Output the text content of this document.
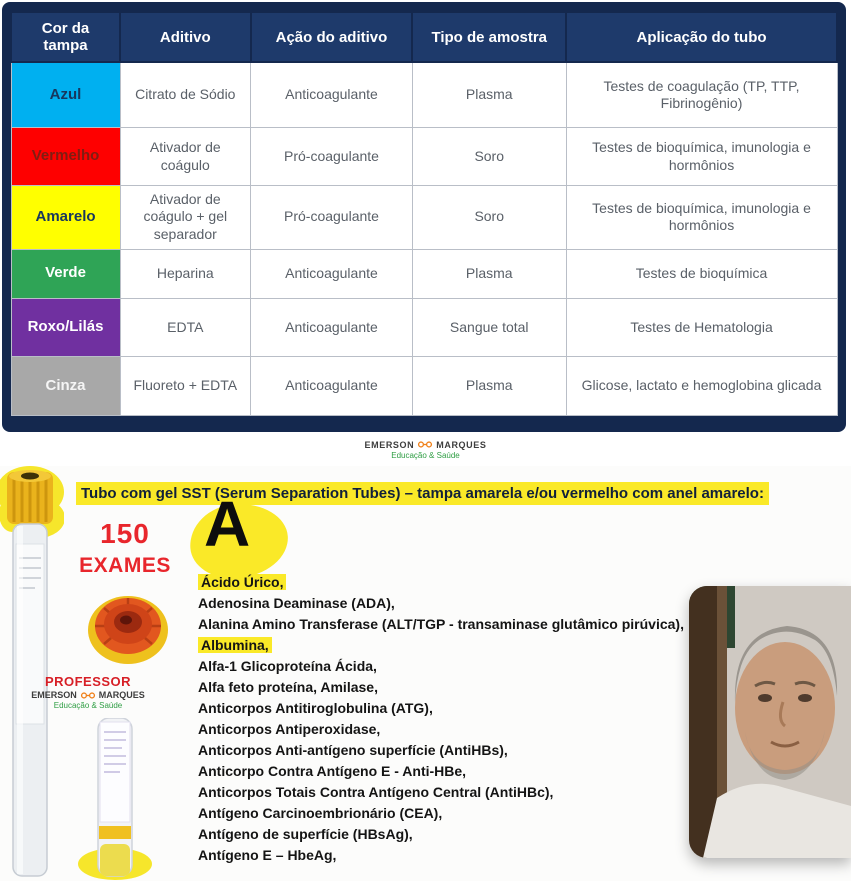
Cor da tampa	Aditivo	Ação do aditivo	Tipo de amostra	Aplicação do tubo
Azul	Citrato de Sódio	Anticoagulante	Plasma	Testes de coagulação (TP, TTP, Fibrinogênio)
Vermelho	Ativador de coágulo	Pró-coagulante	Soro	Testes de bioquímica, imunologia e hormônios
Amarelo	Ativador de coágulo + gel separador	Pró-coagulante	Soro	Testes de bioquímica, imunologia e hormônios
Verde	Heparina	Anticoagulante	Plasma	Testes de bioquímica
Roxo/Lilás	EDTA	Anticoagulante	Sangue total	Testes de Hematologia
Cinza	Fluoreto + EDTA	Anticoagulante	Plasma	Glicose, lactato e hemoglobina glicada
EMERSON MARQUES
Educação & Saúde
Tubo com gel SST (Serum Separation Tubes) – tampa amarela e/ou vermelho com anel amarelo:
150
EXAMES
A
PROFESSOR
EMERSON MARQUES
Educação & Saúde
Ácido Úrico,
Adenosina Deaminase (ADA),
Alanina Amino Transferase (ALT/TGP - transaminase glutâmico pirúvica),
Albumina,
Alfa-1 Glicoproteína Ácida,
Alfa feto proteína, Amilase,
Anticorpos Antitiroglobulina (ATG),
Anticorpos Antiperoxidase,
Anticorpos Anti-antígeno superfície (AntiHBs),
Anticorpo Contra Antígeno E - Anti-HBe,
Anticorpos Totais Contra Antígeno Central (AntiHBc),
Antígeno Carcinoembrionário (CEA),
Antígeno de superfície (HBsAg),
Antígeno E – HbeAg,
